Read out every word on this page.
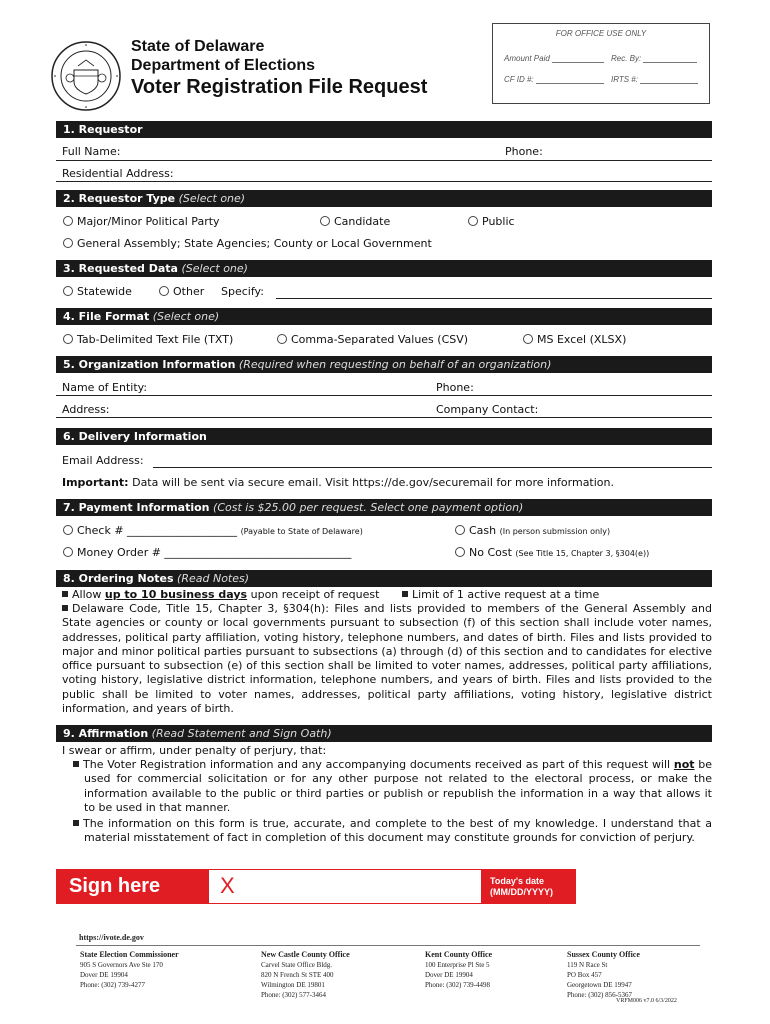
State of Delaware
Department of Elections
Voter Registration File Request
FOR OFFICE USE ONLY
Amount Paid	Rec. By:
CF ID #:	IRTS #:
1. Requestor
Full Name:	Phone:
Residential Address:
2. Requestor Type (Select one)
Major/Minor Political Party	Candidate	Public
General Assembly; State Agencies; County or Local Government
3. Requested Data (Select one)
Statewide	Other Specify:
4. File Format (Select one)
Tab-Delimited Text File (TXT)	Comma-Separated Values (CSV)	MS Excel (XLSX)
5. Organization Information (Required when requesting on behalf of an organization)
Name of Entity:	Phone:
Address:	Company Contact:
6. Delivery Information
Email Address:
Important: Data will be sent via secure email. Visit https://de.gov/securemail for more information.
7. Payment Information (Cost is $25.00 per request. Select one payment option)
Check # ____________________ (Payable to State of Delaware)	Cash (In person submission only)
Money Order # __________________________________	No Cost (See Title 15, Chapter 3, §304(e))
8. Ordering Notes (Read Notes)
Allow up to 10 business days upon receipt of request	Limit of 1 active request at a time
Delaware Code, Title 15, Chapter 3, §304(h): Files and lists provided to members of the General Assembly and State agencies or county or local governments pursuant to subsection (f) of this section shall include voter names, addresses, political party affiliation, voting history, telephone numbers, and dates of birth. Files and lists provided to major and minor political parties pursuant to subsections (a) through (d) of this section and to candidates for elective office pursuant to subsection (e) of this section shall be limited to voter names, addresses, political party affiliations, voting history, legislative district information, telephone numbers, and years of birth. Files and lists provided to the public shall be limited to voter names, addresses, political party affiliations, voting history, legislative district information, and years of birth.
9. Affirmation (Read Statement and Sign Oath)
I swear or affirm, under penalty of perjury, that:
The Voter Registration information and any accompanying documents received as part of this request will not be used for commercial solicitation or for any other purpose not related to the electoral process, or make the information available to the public or third parties or publish or republish the information in a way that allows it to be used in that manner.
The information on this form is true, accurate, and complete to the best of my knowledge. I understand that a material misstatement of fact in completion of this document may constitute grounds for conviction of perjury.
Sign here	X	Today's date
(MM/DD/YYYY)
https://ivote.de.gov
State Election Commissioner
905 S Governors Ave Ste 170
Dover DE 19904
Phone: (302) 739-4277
New Castle County Office
Carvel State Office Bldg.
820 N French St STE 400
Wilmington DE 19801
Phone: (302) 577-3464
Kent County Office
100 Enterprise Pl Ste 5
Dover DE 19904
Phone: (302) 739-4498
Sussex County Office
119 N Race St
PO Box 457
Georgetown DE 19947
Phone: (302) 856-5367
VRFM006 v7.0 6/3/2022
